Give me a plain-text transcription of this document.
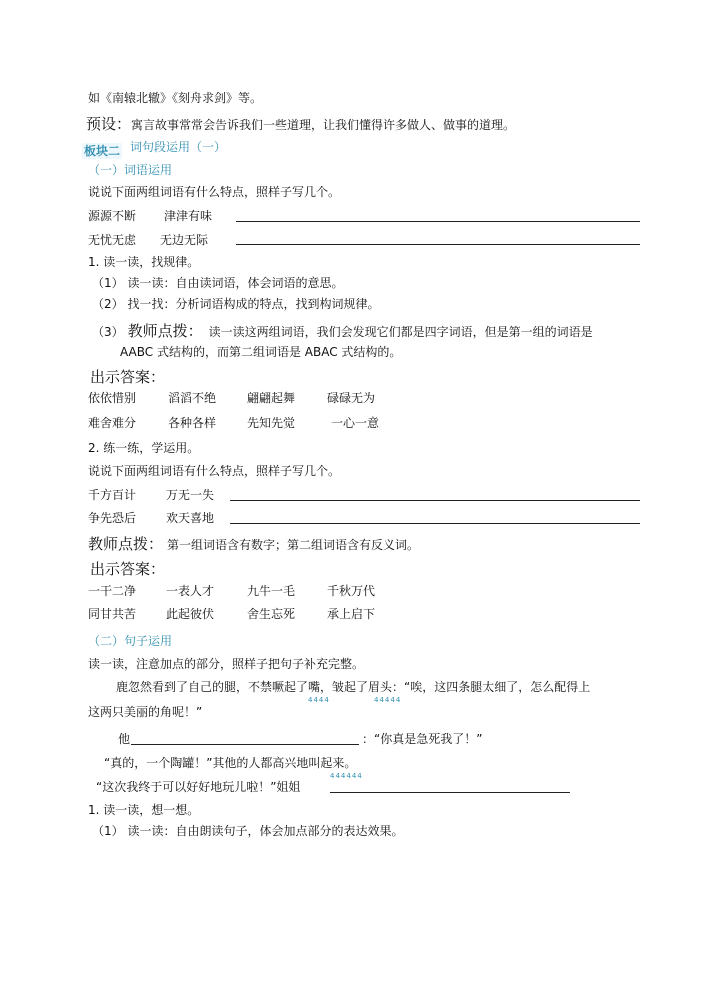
如《南辕北辙》《刻舟求剑》等。
预设：寓言故事常常会告诉我们一些道理，让我们懂得许多做人、做事的道理。
板块二 词句段运用（一）
（一）词语运用
说说下面两组词语有什么特点，照样子写几个。
源源不断 津津有味
无忧无虑 无边无际
1. 读一读，找规律。
（1） 读一读：自由读词语，体会词语的意思。
（2） 找一找：分析词语构成的特点，找到构词规律。
（3） 教师点拨： 读一读这两组词语，我们会发现它们都是四字词语，但是第一组的词语是
AABC 式结构的，而第二组词语是 ABAC 式结构的。
出示答案：
依依惜别	滔滔不绝	翩翩起舞	碌碌无为
难舍难分	各种各样	先知先觉	一心一意
2. 练一练，学运用。
说说下面两组词语有什么特点，照样子写几个。
千方百计 万无一失
争先恐后 欢天喜地
教师点拨： 第一组词语含有数字；第二组词语含有反义词。
出示答案：
一干二净 一表人才	九牛一毛	千秋万代
同甘共苦 此起彼伏	舍生忘死	承上启下
（二）句子运用
读一读，注意加点的部分，照样子把句子补充完整。
鹿忽然看到了自己的腿，不禁噘起了嘴，皱起了眉头：“唉，这四条腿太细了，怎么配得上
4444	44444
这两只美丽的角呢！”
他	：“你真是急死我了！”
“真的，一个陶罐！”其他的人都高兴地叫起来。
444444
“这次我终于可以好好地玩儿啦！”姐姐
1. 读一读，想一想。
（1） 读一读：自由朗读句子，体会加点部分的表达效果。
